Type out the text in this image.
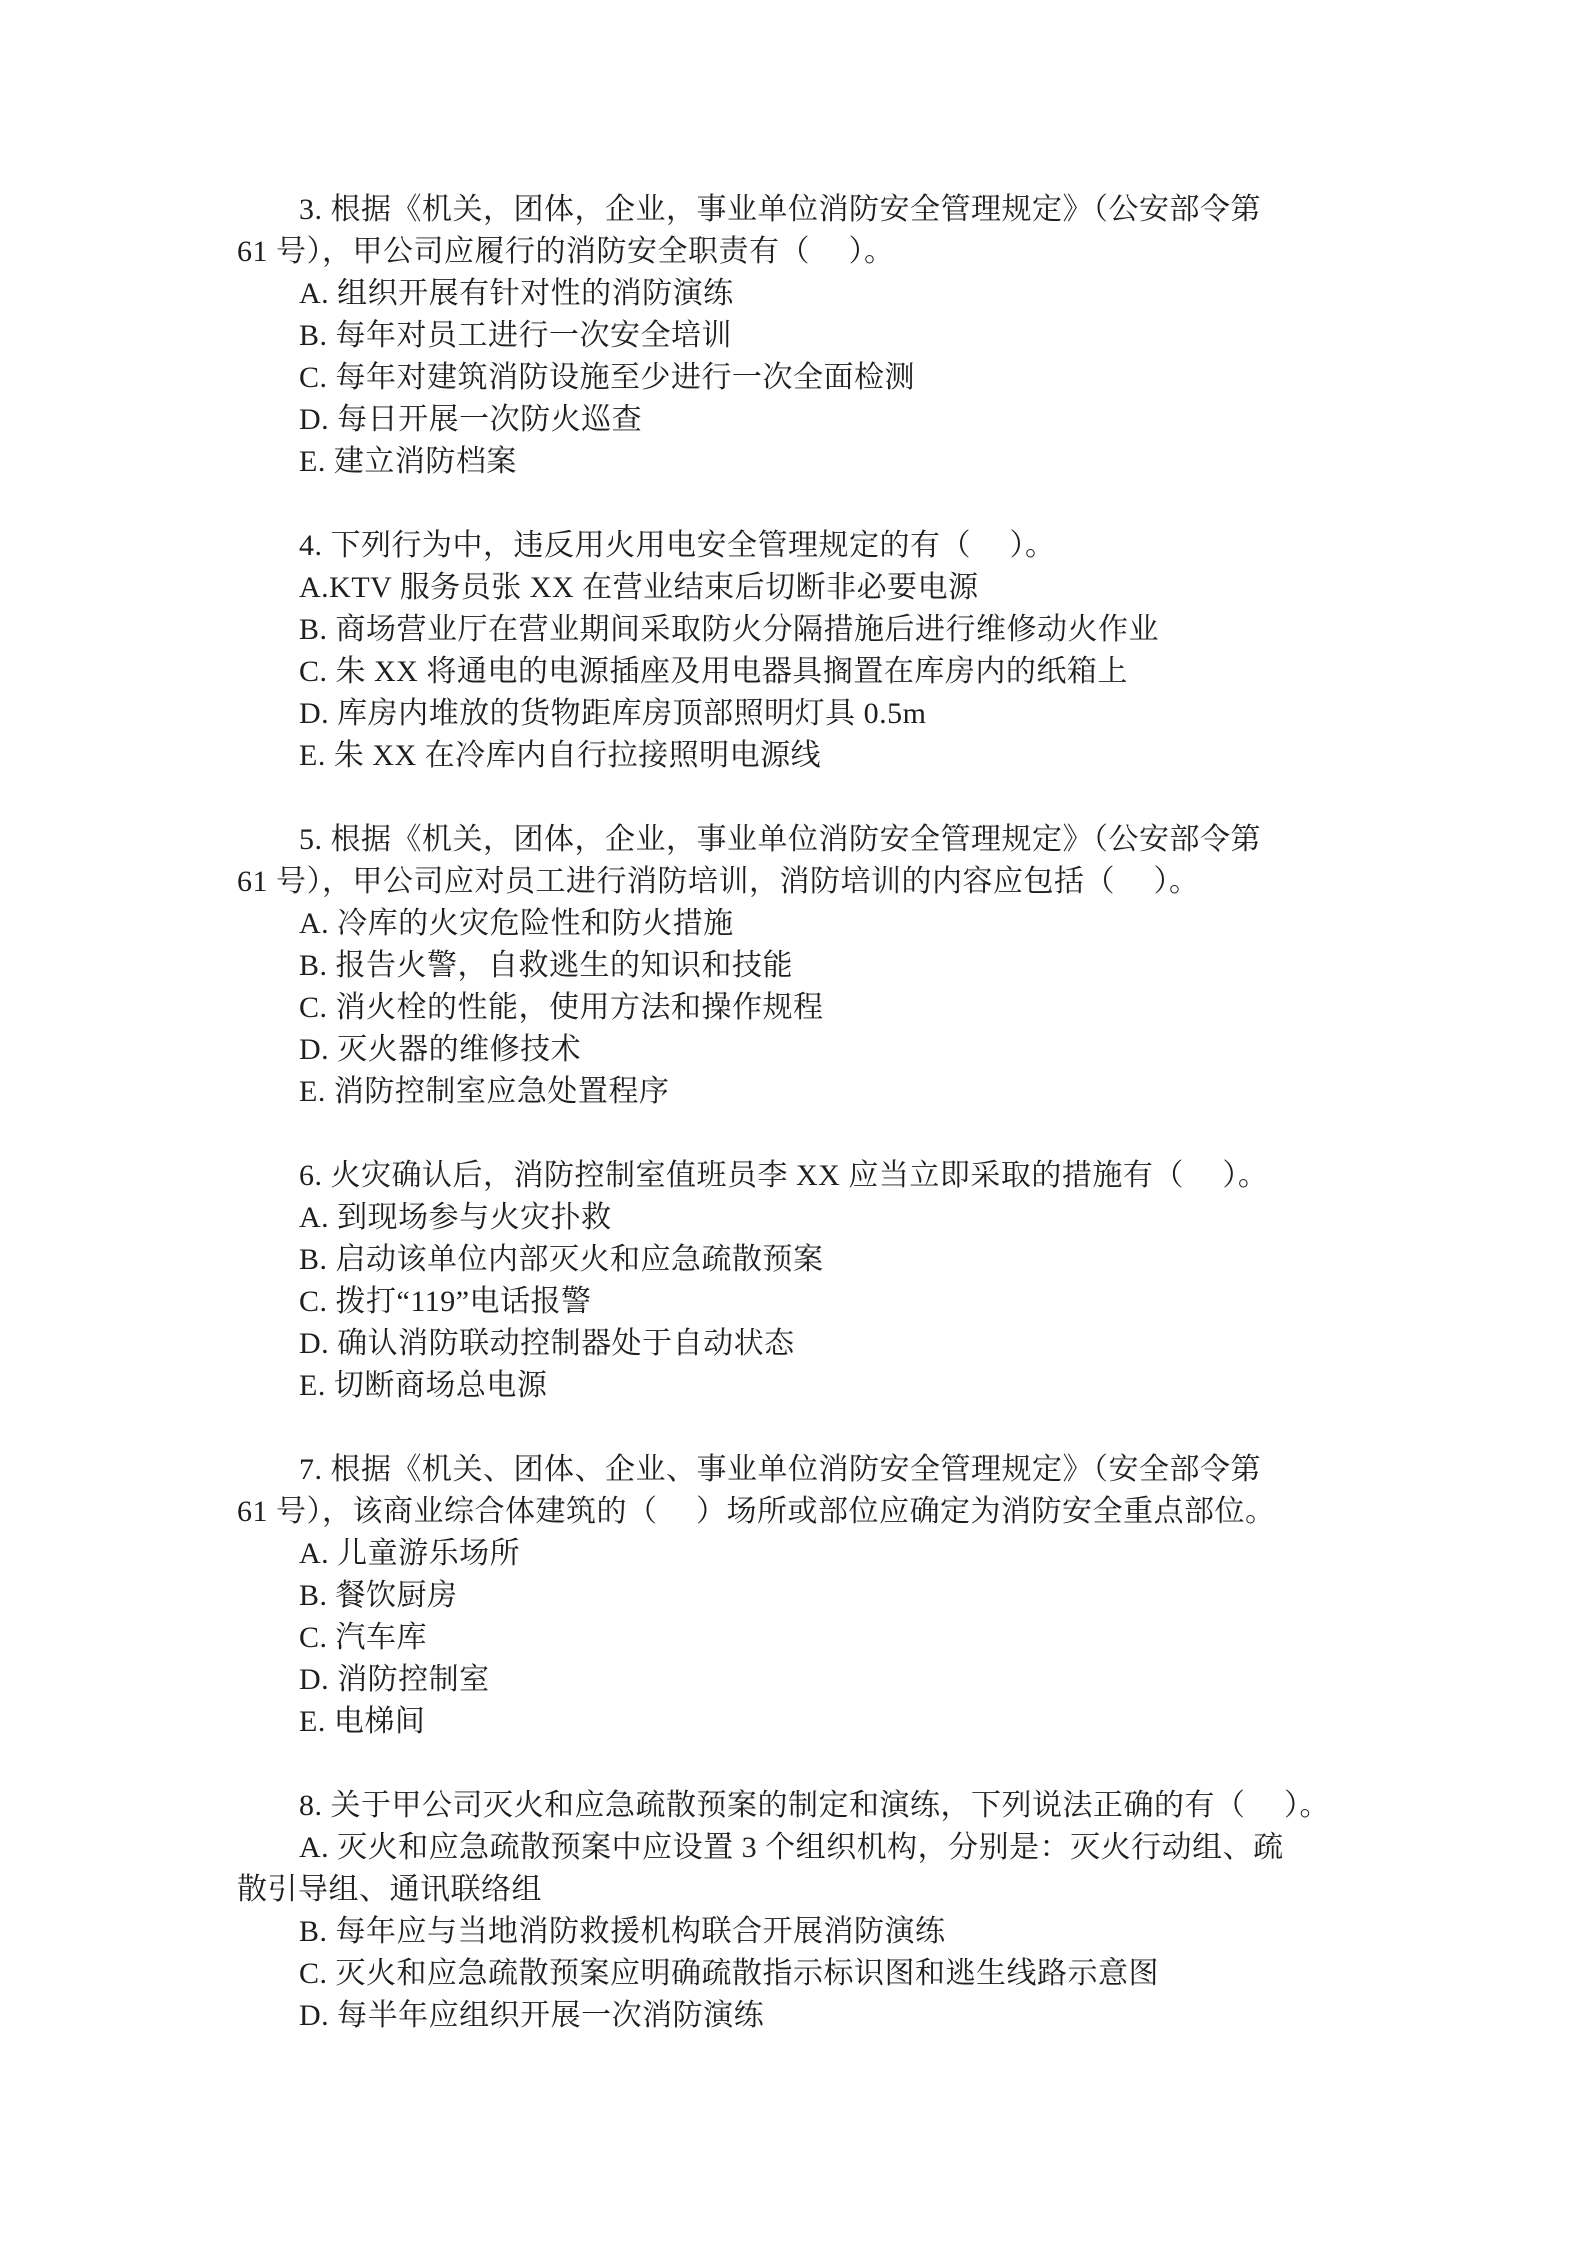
3. 根据《机关，团体，企业，事业单位消防安全管理规定》（公安部令第

61 号），甲公司应履行的消防安全职责有（　 ）。

A. 组织开展有针对性的消防演练

B. 每年对员工进行一次安全培训

C. 每年对建筑消防设施至少进行一次全面检测

D. 每日开展一次防火巡查

E. 建立消防档案

4. 下列行为中，违反用火用电安全管理规定的有（　 ）。

A.KTV 服务员张 XX 在营业结束后切断非必要电源

B. 商场营业厅在营业期间采取防火分隔措施后进行维修动火作业

C. 朱 XX 将通电的电源插座及用电器具搁置在库房内的纸箱上

D. 库房内堆放的货物距库房顶部照明灯具 0.5m

E. 朱 XX 在冷库内自行拉接照明电源线

5. 根据《机关，团体，企业，事业单位消防安全管理规定》（公安部令第

61 号），甲公司应对员工进行消防培训，消防培训的内容应包括（　 ）。

A. 冷库的火灾危险性和防火措施

B. 报告火警，自救逃生的知识和技能

C. 消火栓的性能，使用方法和操作规程

D. 灭火器的维修技术

E. 消防控制室应急处置程序

6. 火灾确认后，消防控制室值班员李 XX 应当立即采取的措施有（　 ）。

A. 到现场参与火灾扑救

B. 启动该单位内部灭火和应急疏散预案

C. 拨打“119”电话报警

D. 确认消防联动控制器处于自动状态

E. 切断商场总电源

7. 根据《机关、团体、企业、事业单位消防安全管理规定》（安全部令第

61 号），该商业综合体建筑的（　 ）场所或部位应确定为消防安全重点部位。

A. 儿童游乐场所

B. 餐饮厨房

C. 汽车库

D. 消防控制室

E. 电梯间

8. 关于甲公司灭火和应急疏散预案的制定和演练，下列说法正确的有（　 ）。

A. 灭火和应急疏散预案中应设置 3 个组织机构，分别是：灭火行动组、疏

散引导组、通讯联络组

B. 每年应与当地消防救援机构联合开展消防演练

C. 灭火和应急疏散预案应明确疏散指示标识图和逃生线路示意图

D. 每半年应组织开展一次消防演练
